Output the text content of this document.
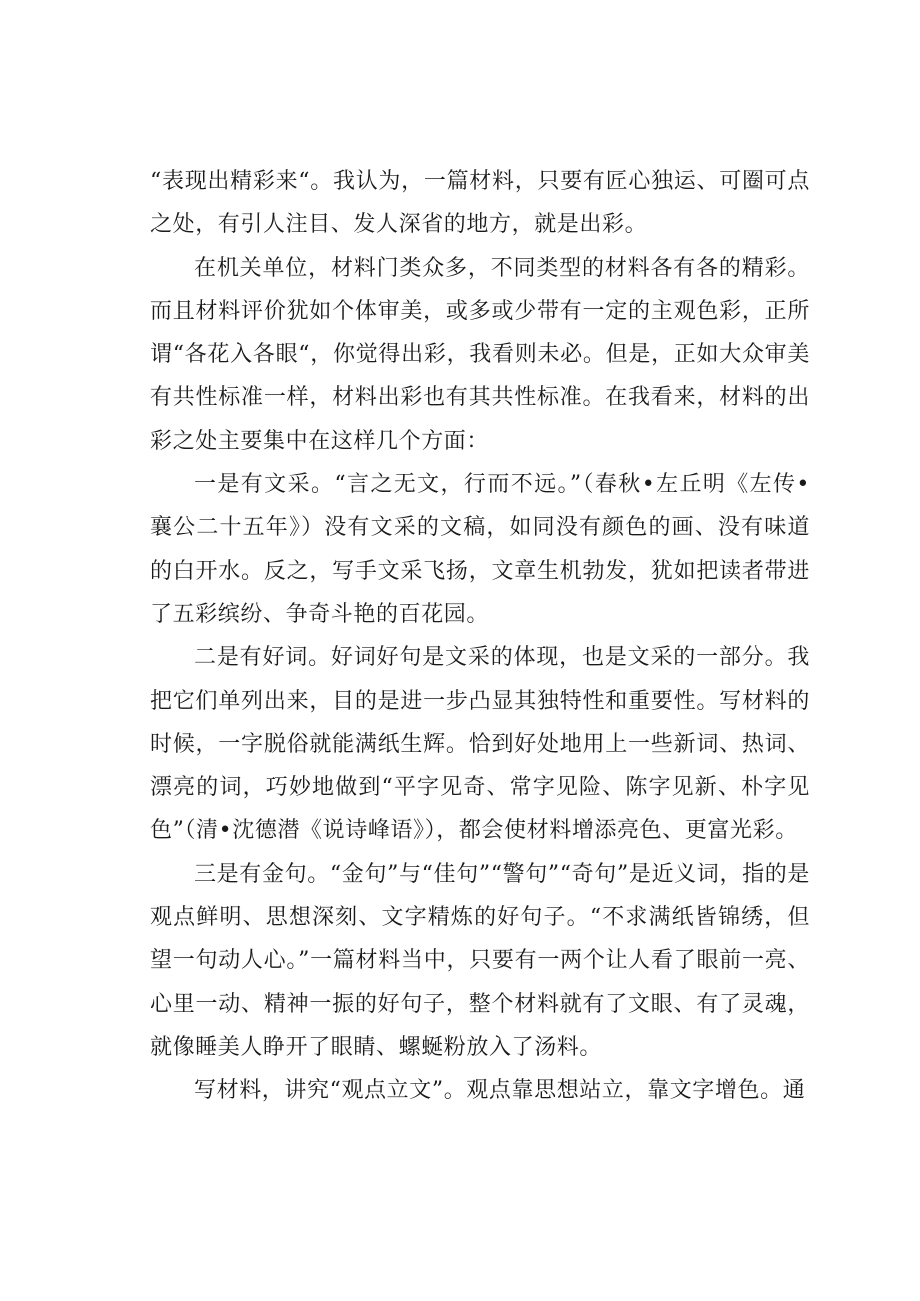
“表现出精彩来“。我认为，一篇材料，只要有匠心独运、可圈可点之处，有引人注目、发人深省的地方，就是出彩。

在机关单位，材料门类众多，不同类型的材料各有各的精彩。而且材料评价犹如个体审美，或多或少带有一定的主观色彩，正所谓“各花入各眼“，你觉得出彩，我看则未必。但是，正如大众审美有共性标准一样，材料出彩也有其共性标准。在我看来，材料的出彩之处主要集中在这样几个方面：

一是有文采。“言之无文，行而不远。”（春秋•左丘明《左传•襄公二十五年》）没有文采的文稿，如同没有颜色的画、没有味道的白开水。反之，写手文采飞扬，文章生机勃发，犹如把读者带进了五彩缤纷、争奇斗艳的百花园。

二是有好词。好词好句是文采的体现，也是文采的一部分。我把它们单列出来，目的是进一步凸显其独特性和重要性。写材料的时候，一字脱俗就能满纸生辉。恰到好处地用上一些新词、热词、漂亮的词，巧妙地做到“平字见奇、常字见险、陈字见新、朴字见色”（清•沈德潜《说诗峰语》），都会使材料增添亮色、更富光彩。

三是有金句。“金句”与“佳句”“警句”“奇句”是近义词，指的是观点鲜明、思想深刻、文字精炼的好句子。“不求满纸皆锦绣，但望一句动人心。”一篇材料当中，只要有一两个让人看了眼前一亮、心里一动、精神一振的好句子，整个材料就有了文眼、有了灵魂，就像睡美人睁开了眼睛、螺蜒粉放入了汤料。

写材料，讲究“观点立文”。观点靠思想站立，靠文字增色。通
